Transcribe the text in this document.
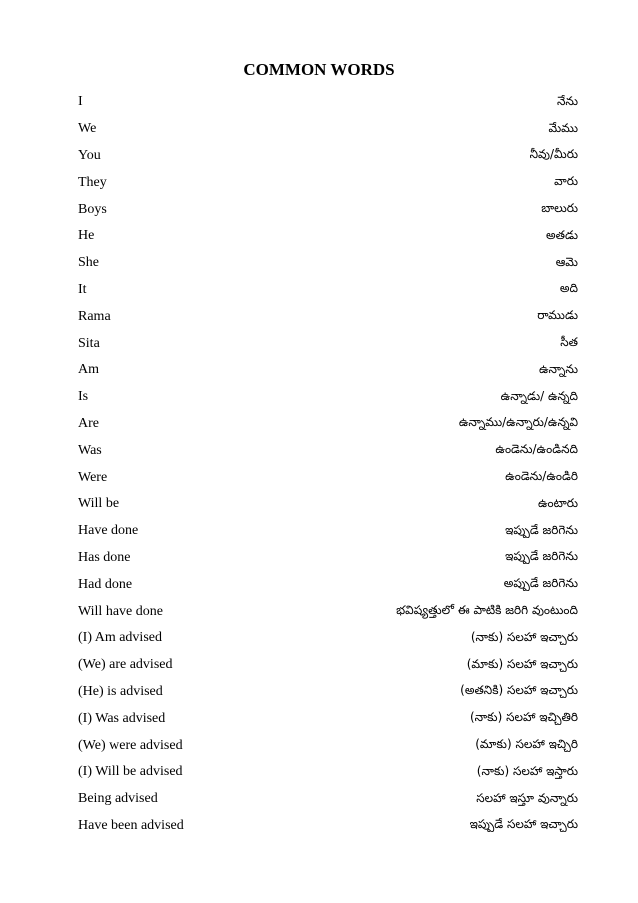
COMMON WORDS
I	నేను
We	మేము
You	నీవు/మీరు
They	వారు
Boys	బాలురు
He	అతడు
She	ఆమె
It	అది
Rama	రాముడు
Sita	సీత
Am	ఉన్నాను
Is	ఉన్నాడు/ ఉన్నది
Are	ఉన్నాము/ఉన్నారు/ఉన్నవి
Was	ఉండెను/ఉండినది
Were	ఉండెను/ఉండిరి
Will be	ఉంటారు
Have done	ఇప్పుడే జరిగెను
Has done	ఇప్పుడే జరిగెను
Had done	అప్పుడే జరిగెను
Will have done	భవిష్యత్తులో ఈ పాటికి జరిగి వుంటుంది
(I) Am advised	(నాకు) సలహా ఇచ్చారు
(We) are advised	(మాకు) సలహా ఇచ్చారు
(He) is advised	(అతనికి) సలహా ఇచ్చారు
(I) Was advised	(నాకు) సలహా ఇచ్చితిరి
(We) were advised	(మాకు) సలహా ఇచ్చిరి
(I) Will be advised	(నాకు) సలహా ఇస్తారు
Being advised	సలహా ఇస్తూ వున్నారు
Have been advised	ఇప్పుడే సలహా ఇచ్చారు
